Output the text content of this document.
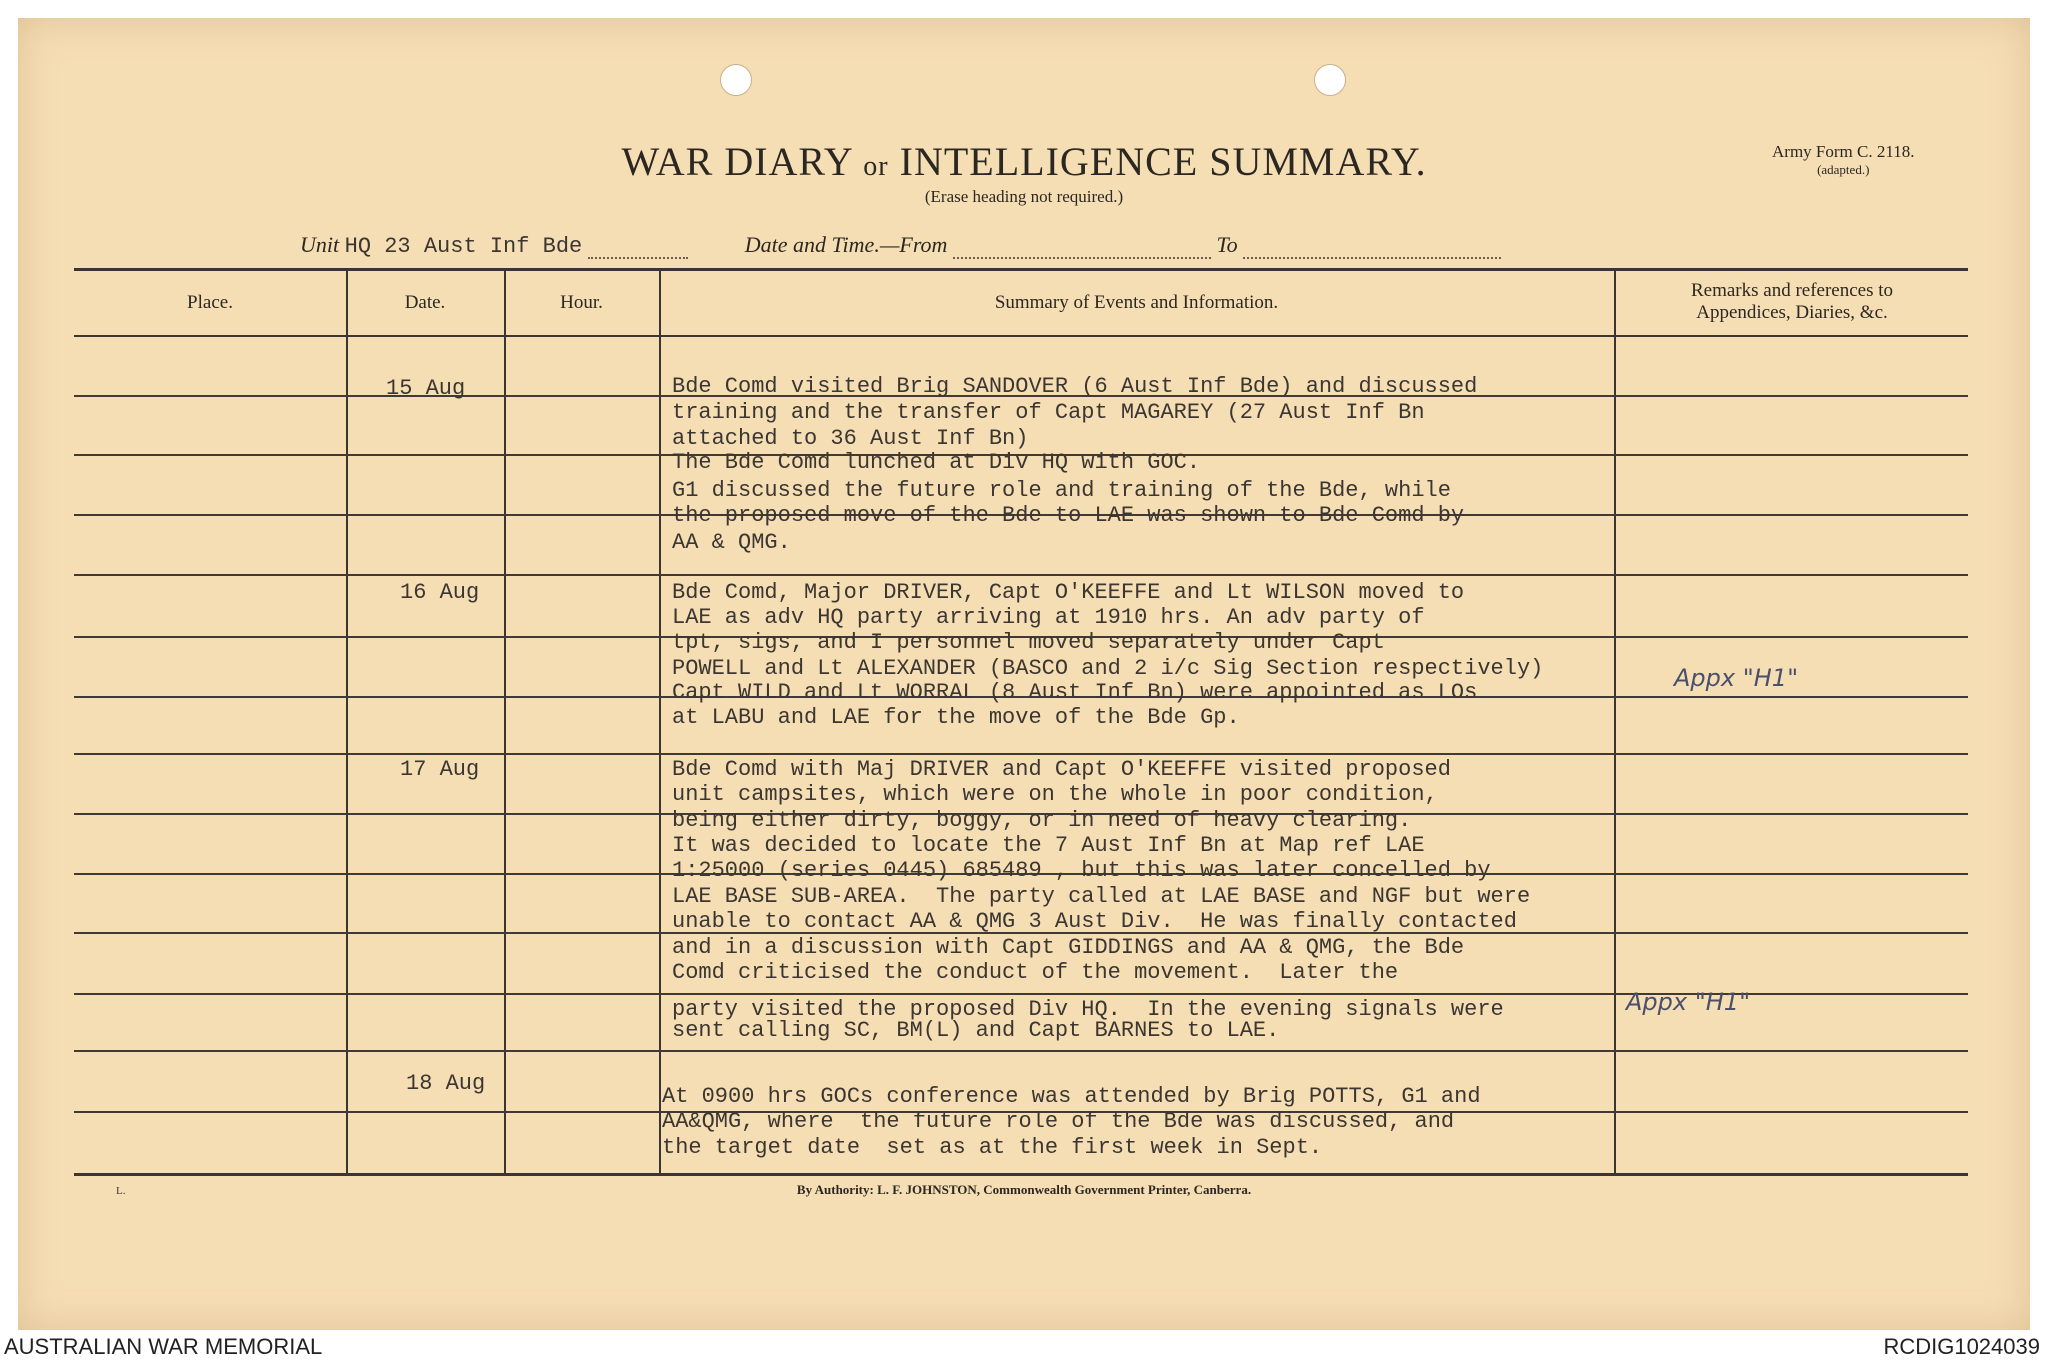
WAR DIARY or INTELLIGENCE SUMMARY.
(Erase heading not required.)
Army Form C. 2118.
(adapted.)
Unit HQ 23 Aust Inf Bde	Date and Time.—From	To
Place.	Date.	Hour.	Summary of Events and Information.
Remarks and references to
Appendices, Diaries, &c.
15 Aug	Bde Comd visited Brig SANDOVER (6 Aust Inf Bde) and discussed
training and the transfer of Capt MAGAREY (27 Aust Inf Bn
attached to 36 Aust Inf Bn)
The Bde Comd lunched at Div HQ with GOC.
G1 discussed the future role and training of the Bde, while
the proposed move of the Bde to LAE was shown to Bde Comd by
AA & QMG.
16 Aug	Bde Comd, Major DRIVER, Capt O'KEEFFE and Lt WILSON moved to
LAE as adv HQ party arriving at 1910 hrs. An adv party of
tpt, sigs, and I personnel moved separately under Capt
POWELL and Lt ALEXANDER (BASCO and 2 i/c Sig Section respectively)
Capt WILD and Lt WORRAL (8 Aust Inf Bn) were appointed as LOs
at LABU and LAE for the move of the Bde Gp.
Appx "H1"
17 Aug	Bde Comd with Maj DRIVER and Capt O'KEEFFE visited proposed
unit campsites, which were on the whole in poor condition,
being either dirty, boggy, or in need of heavy clearing.
It was decided to locate the 7 Aust Inf Bn at Map ref LAE
1:25000 (series 0445) 685489 , but this was later concelled by
LAE BASE SUB-AREA.  The party called at LAE BASE and NGF but were
unable to contact AA & QMG 3 Aust Div.  He was finally contacted
and in a discussion with Capt GIDDINGS and AA & QMG, the Bde
Comd criticised the conduct of the movement.  Later the
party visited the proposed Div HQ.  In the evening signals were
sent calling SC, BM(L) and Capt BARNES to LAE.
Appx "H1"
18 Aug
At 0900 hrs GOCs conference was attended by Brig POTTS, G1 and
AA&QMG, where  the future role of the Bde was discussed, and
the target date  set as at the first week in Sept.
L.	By Authority: L. F. JOHNSTON, Commonwealth Government Printer, Canberra.
AUSTRALIAN WAR MEMORIAL	RCDIG1024039
